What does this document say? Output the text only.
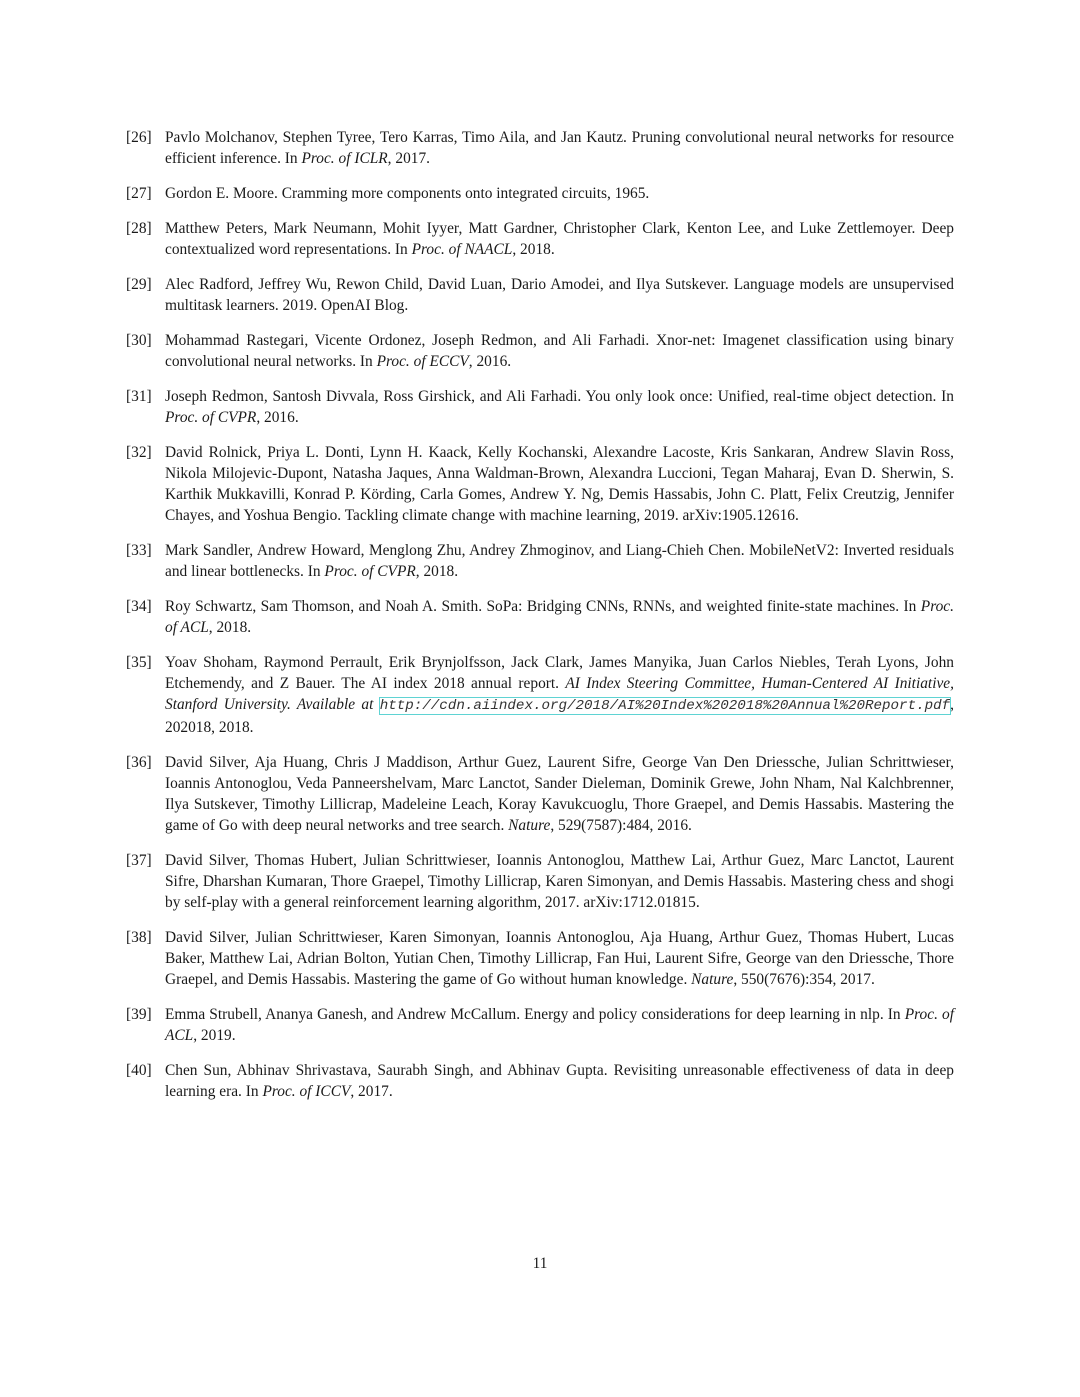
[26] Pavlo Molchanov, Stephen Tyree, Tero Karras, Timo Aila, and Jan Kautz. Pruning convolutional neural networks for resource efficient inference. In Proc. of ICLR, 2017.
[27] Gordon E. Moore. Cramming more components onto integrated circuits, 1965.
[28] Matthew Peters, Mark Neumann, Mohit Iyyer, Matt Gardner, Christopher Clark, Kenton Lee, and Luke Zettlemoyer. Deep contextualized word representations. In Proc. of NAACL, 2018.
[29] Alec Radford, Jeffrey Wu, Rewon Child, David Luan, Dario Amodei, and Ilya Sutskever. Language models are unsupervised multitask learners. 2019. OpenAI Blog.
[30] Mohammad Rastegari, Vicente Ordonez, Joseph Redmon, and Ali Farhadi. Xnor-net: Imagenet classification using binary convolutional neural networks. In Proc. of ECCV, 2016.
[31] Joseph Redmon, Santosh Divvala, Ross Girshick, and Ali Farhadi. You only look once: Unified, real-time object detection. In Proc. of CVPR, 2016.
[32] David Rolnick, Priya L. Donti, Lynn H. Kaack, Kelly Kochanski, Alexandre Lacoste, Kris Sankaran, Andrew Slavin Ross, Nikola Milojevic-Dupont, Natasha Jaques, Anna Waldman-Brown, Alexandra Luccioni, Tegan Maharaj, Evan D. Sherwin, S. Karthik Mukkavilli, Konrad P. Körding, Carla Gomes, Andrew Y. Ng, Demis Hassabis, John C. Platt, Felix Creutzig, Jennifer Chayes, and Yoshua Bengio. Tackling climate change with machine learning, 2019. arXiv:1905.12616.
[33] Mark Sandler, Andrew Howard, Menglong Zhu, Andrey Zhmoginov, and Liang-Chieh Chen. MobileNetV2: Inverted residuals and linear bottlenecks. In Proc. of CVPR, 2018.
[34] Roy Schwartz, Sam Thomson, and Noah A. Smith. SoPa: Bridging CNNs, RNNs, and weighted finite-state machines. In Proc. of ACL, 2018.
[35] Yoav Shoham, Raymond Perrault, Erik Brynjolfsson, Jack Clark, James Manyika, Juan Carlos Niebles, Terah Lyons, John Etchemendy, and Z Bauer. The AI index 2018 annual report. AI Index Steering Committee, Human-Centered AI Initiative, Stanford University. Available at http://cdn.aiindex.org/2018/AI%20Index%202018%20Annual%20Report.pdf, 202018, 2018.
[36] David Silver, Aja Huang, Chris J Maddison, Arthur Guez, Laurent Sifre, George Van Den Driessche, Julian Schrittwieser, Ioannis Antonoglou, Veda Panneershelvam, Marc Lanctot, Sander Dieleman, Dominik Grewe, John Nham, Nal Kalchbrenner, Ilya Sutskever, Timothy Lillicrap, Madeleine Leach, Koray Kavukcuoglu, Thore Graepel, and Demis Hassabis. Mastering the game of Go with deep neural networks and tree search. Nature, 529(7587):484, 2016.
[37] David Silver, Thomas Hubert, Julian Schrittwieser, Ioannis Antonoglou, Matthew Lai, Arthur Guez, Marc Lanctot, Laurent Sifre, Dharshan Kumaran, Thore Graepel, Timothy Lillicrap, Karen Simonyan, and Demis Hassabis. Mastering chess and shogi by self-play with a general reinforcement learning algorithm, 2017. arXiv:1712.01815.
[38] David Silver, Julian Schrittwieser, Karen Simonyan, Ioannis Antonoglou, Aja Huang, Arthur Guez, Thomas Hubert, Lucas Baker, Matthew Lai, Adrian Bolton, Yutian Chen, Timothy Lillicrap, Fan Hui, Laurent Sifre, George van den Driessche, Thore Graepel, and Demis Hassabis. Mastering the game of Go without human knowledge. Nature, 550(7676):354, 2017.
[39] Emma Strubell, Ananya Ganesh, and Andrew McCallum. Energy and policy considerations for deep learning in nlp. In Proc. of ACL, 2019.
[40] Chen Sun, Abhinav Shrivastava, Saurabh Singh, and Abhinav Gupta. Revisiting unreasonable effectiveness of data in deep learning era. In Proc. of ICCV, 2017.
11
